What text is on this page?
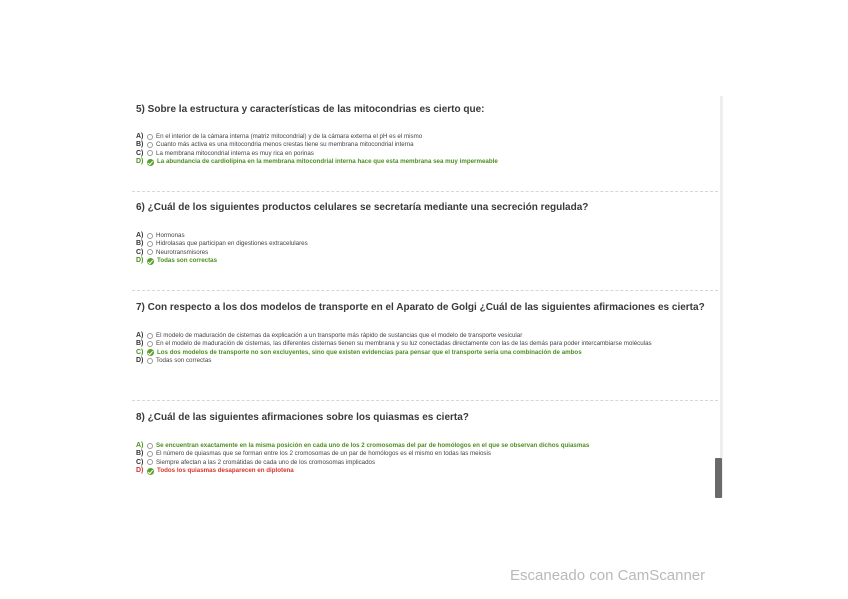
5) Sobre la estructura y características de las mitocondrias es cierto que:

A)	En el interior de la cámara interna (matriz mitocondrial) y de la cámara externa el pH es el mismo
B)	Cuanto más activa es una mitocondria menos crestas tiene su membrana mitocondrial interna
C)	La membrana mitocondrial interna es muy rica en porinas
D)	La abundancia de cardiolipina en la membrana mitocondrial interna hace que esta membrana sea muy impermeable

6) ¿Cuál de los siguientes productos celulares se secretaría mediante una secreción regulada?

A)	Hormonas
B)	Hidrolasas que participan en digestiones extracelulares
C)	Neurotransmisores
D)	Todas son correctas

7) Con respecto a los dos modelos de transporte en el Aparato de Golgi ¿Cuál de las siguientes afirmaciones es cierta?

A)	El modelo de maduración de cisternas da explicación a un transporte más rápido de sustancias que el modelo de transporte vesicular
B)	En el modelo de maduración de cisternas, las diferentes cisternas tienen su membrana y su luz conectadas directamente con las de las demás para poder intercambiarse moléculas
C)	Los dos modelos de transporte no son excluyentes, sino que existen evidencias para pensar que el transporte sería una combinación de ambos
D)	Todas son correctas

8) ¿Cuál de las siguientes afirmaciones sobre los quiasmas es cierta?

A)	Se encuentran exactamente en la misma posición en cada uno de los 2 cromosomas del par de homólogos en el que se observan dichos quiasmas
B)	El número de quiasmas que se forman entre los 2 cromosomas de un par de homólogos es el mismo en todas las meiosis
C)	Siempre afectan a las 2 cromátidas de cada uno de los cromosomas implicados
D)	Todos los quiasmas desaparecen en diplotena
Escaneado con CamScanner
